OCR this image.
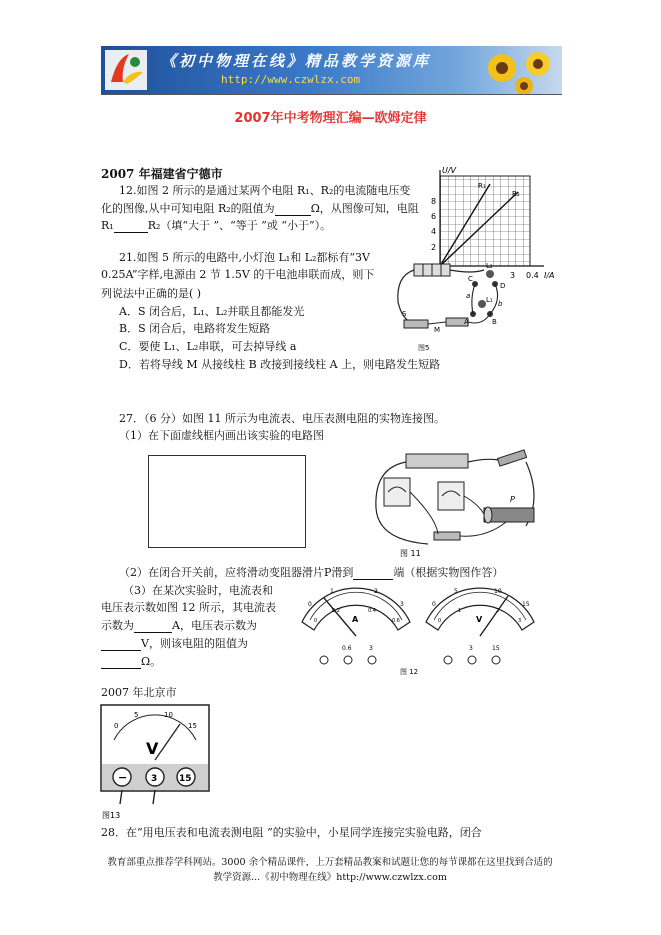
《初中物理在线》精品教学资源库
http://www.czwlzx.com
2007年中考物理汇编—欧姆定律
2007 年福建省宁德市
12.如图 2 所示的是通过某两个电阻 R₁、R₂的电流随电压变
化的图像,从中可知电阻 R₂的阻值为	Ω，从图像可知，电阻
R₁	R₂（填“大于 ”、“等于 ”或 “小于”）。
U/V
8
6
4
2
3 0.4 I/A
R₁
R₂
21.如图 5 所示的电路中,小灯泡 L₁和 L₂都标有“3V
0.25A”字样,电源由 2 节 1.5V 的干电池串联而成，则下
列说法中正确的是( )
A．S 闭合后，L₁、L₂并联且都能发光
B．S 闭合后，电路将发生短路
C．要使 L₁、L₂串联，可去掉导线 a
D．若将导线 M 从接线柱 B 改接到接线柱 A 上，则电路发生短路
L₂
C
D
L₁
S
M
A	B
a
b
图5
27．（6 分）如图 11 所示为电流表、电压表测电阻的实物连接图。
（1）在下面虚线框内画出该实验的电路图
P
图 11
（2）在闭合开关前，应将滑动变阻器滑片P滑到	端（根据实物图作答）
（3）在某次实验时，电流表和
电压表示数如图 12 所示，其电流表
示数为	A，电压表示数为
V，则该电阻的阻值为
Ω。
0
1	2
3
0
0.2	0.4
0.6
A
0.6	3
0
5	10
15
0
1	2
3
V
3	15
图 12
2007 年北京市
0
5	10
15
V
−	3 15
图13
28．在“用电压表和电流表测电阻 ”的实验中，小星同学连接完实验电路，闭合
教育部重点推荐学科网站。3000 余个精品课件，上万套精品教案和试题让您的每节课都在这里找到合适的
教学资源...《初中物理在线》http://www.czwlzx.com
